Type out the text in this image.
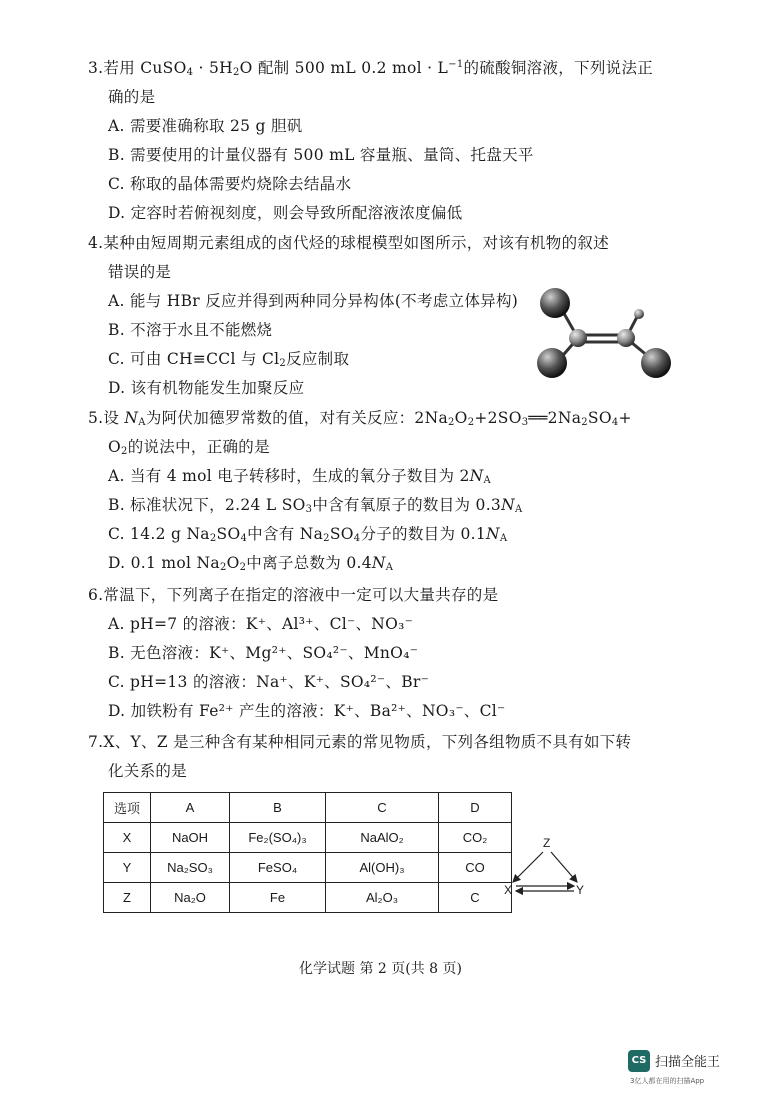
3.若用 CuSO$_4$ · $5H_2O$ 配制 500 mL 0.2 mol · $L^{-1}$的硫酸铜溶液，下列说法正
确的是
A. 需要准确称取 25 g 胆矾
B. 需要使用的计量仪器有 500 mL 容量瓶、量筒、托盘天平
C. 称取的晶体需要灼烧除去结晶水
D. 定容时若俯视刻度，则会导致所配溶液浓度偏低
4.某种由短周期元素组成的卤代烃的球棍模型如图所示，对该有机物的叙述
错误的是
A. 能与 HBr 反应并得到两种同分异构体(不考虑立体异构)
B. 不溶于水且不能燃烧
C. 可由 CH≡CCl 与 $Cl_2$反应制取
D. 该有机物能发生加聚反应
5.设 $N_A$为阿伏加德罗常数的值，对有关反应：$2Na_2O_2+2SO_3══2Na_2SO_4+$
$O_2$的说法中，正确的是
A. 当有 4 mol 电子转移时，生成的氧分子数目为 $2N_A$
B. 标准状况下，2.24 L $SO_3$中含有氧原子的数目为 $0.3N_A$
C. 14.2 g $Na_2SO_4$中含有 $Na_2SO_4$分子的数目为 $0.1N_A$
D. 0.1 mol $Na_2O_2$中离子总数为 $0.4N_A$
6.常温下，下列离子在指定的溶液中一定可以大量共存的是
A. pH=7 的溶液：K⁺、Al³⁺、Cl⁻、NO₃⁻
B. 无色溶液：K⁺、Mg²⁺、SO₄²⁻、MnO₄⁻
C. pH=13 的溶液：Na⁺、K⁺、SO₄²⁻、Br⁻
D. 加铁粉有 Fe²⁺ 产生的溶液：K⁺、Ba²⁺、NO₃⁻、Cl⁻
7.X、Y、Z 是三种含有某种相同元素的常见物质，下列各组物质不具有如下转
化关系的是
选项	A	B	C	D
X	NaOH	Fe₂(SO₄)₃	NaAlO₂	CO₂
Y	Na₂SO₃	FeSO₄	Al(OH)₃	CO
Z	Na₂O	Fe	Al₂O₃	C
Z
X	Y
化学试题 第 2 页(共 8 页)
CS 扫描全能王
3亿人都在用的扫描App
